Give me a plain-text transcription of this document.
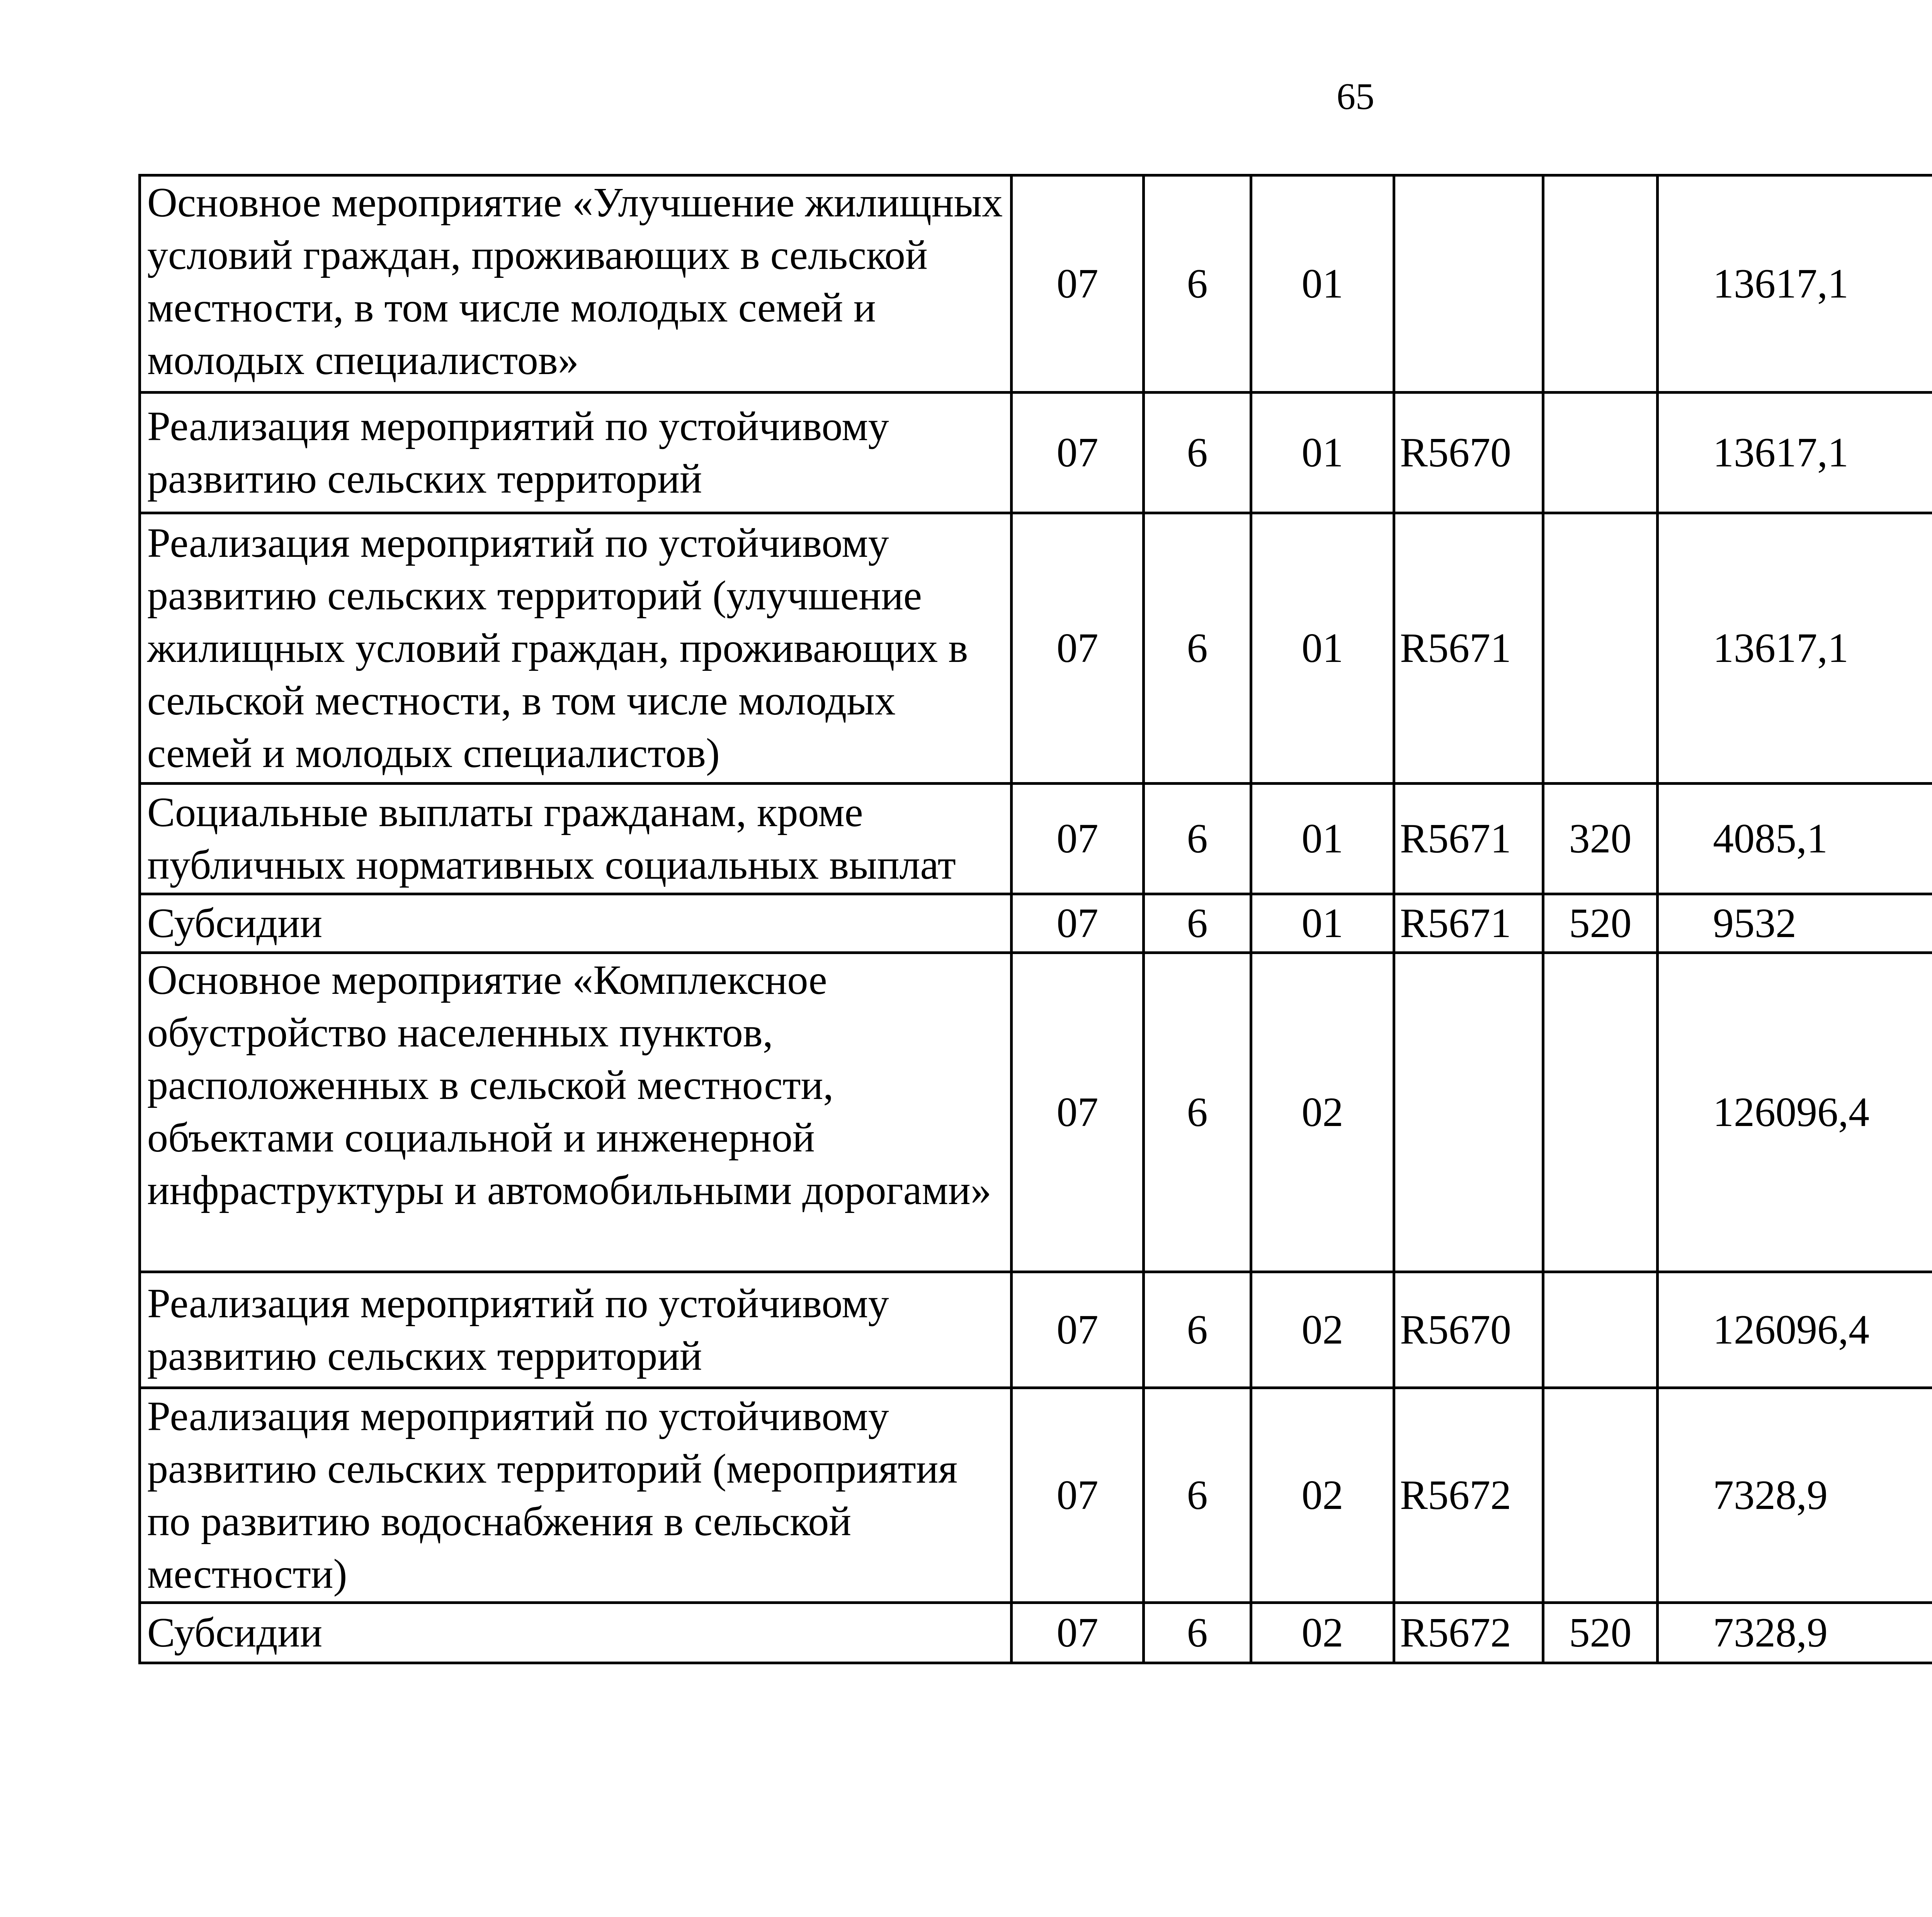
65
Основное мероприятие «Улучшение жилищных условий граждан, проживающих в сельской местности, в том числе молодых семей и молодых специалистов»	07	6	01			13617,1		
Реализация мероприятий по устойчивому развитию сельских территорий	07	6	01	R5670		13617,1		
Реализация мероприятий по устойчивому развитию сельских территорий (улучшение жилищных условий граждан, проживающих в сельской местности, в том числе молодых семей и молодых специалистов)	07	6	01	R5671		13617,1		
Социальные выплаты гражданам, кроме публичных нормативных социальных выплат	07	6	01	R5671	320	4085,1		
Субсидии	07	6	01	R5671	520	9532		
Основное мероприятие «Комплексное обустройство населенных пунктов, расположенных в сельской местности, объектами социальной и инженерной инфраструктуры и автомобильными дорогами»	07	6	02			126096,4		
Реализация мероприятий по устойчивому развитию сельских территорий	07	6	02	R5670		126096,4		
Реализация мероприятий по устойчивому развитию сельских территорий (мероприятия по развитию водоснабжения в сельской местности)	07	6	02	R5672		7328,9		
Субсидии	07	6	02	R5672	520	7328,9		
